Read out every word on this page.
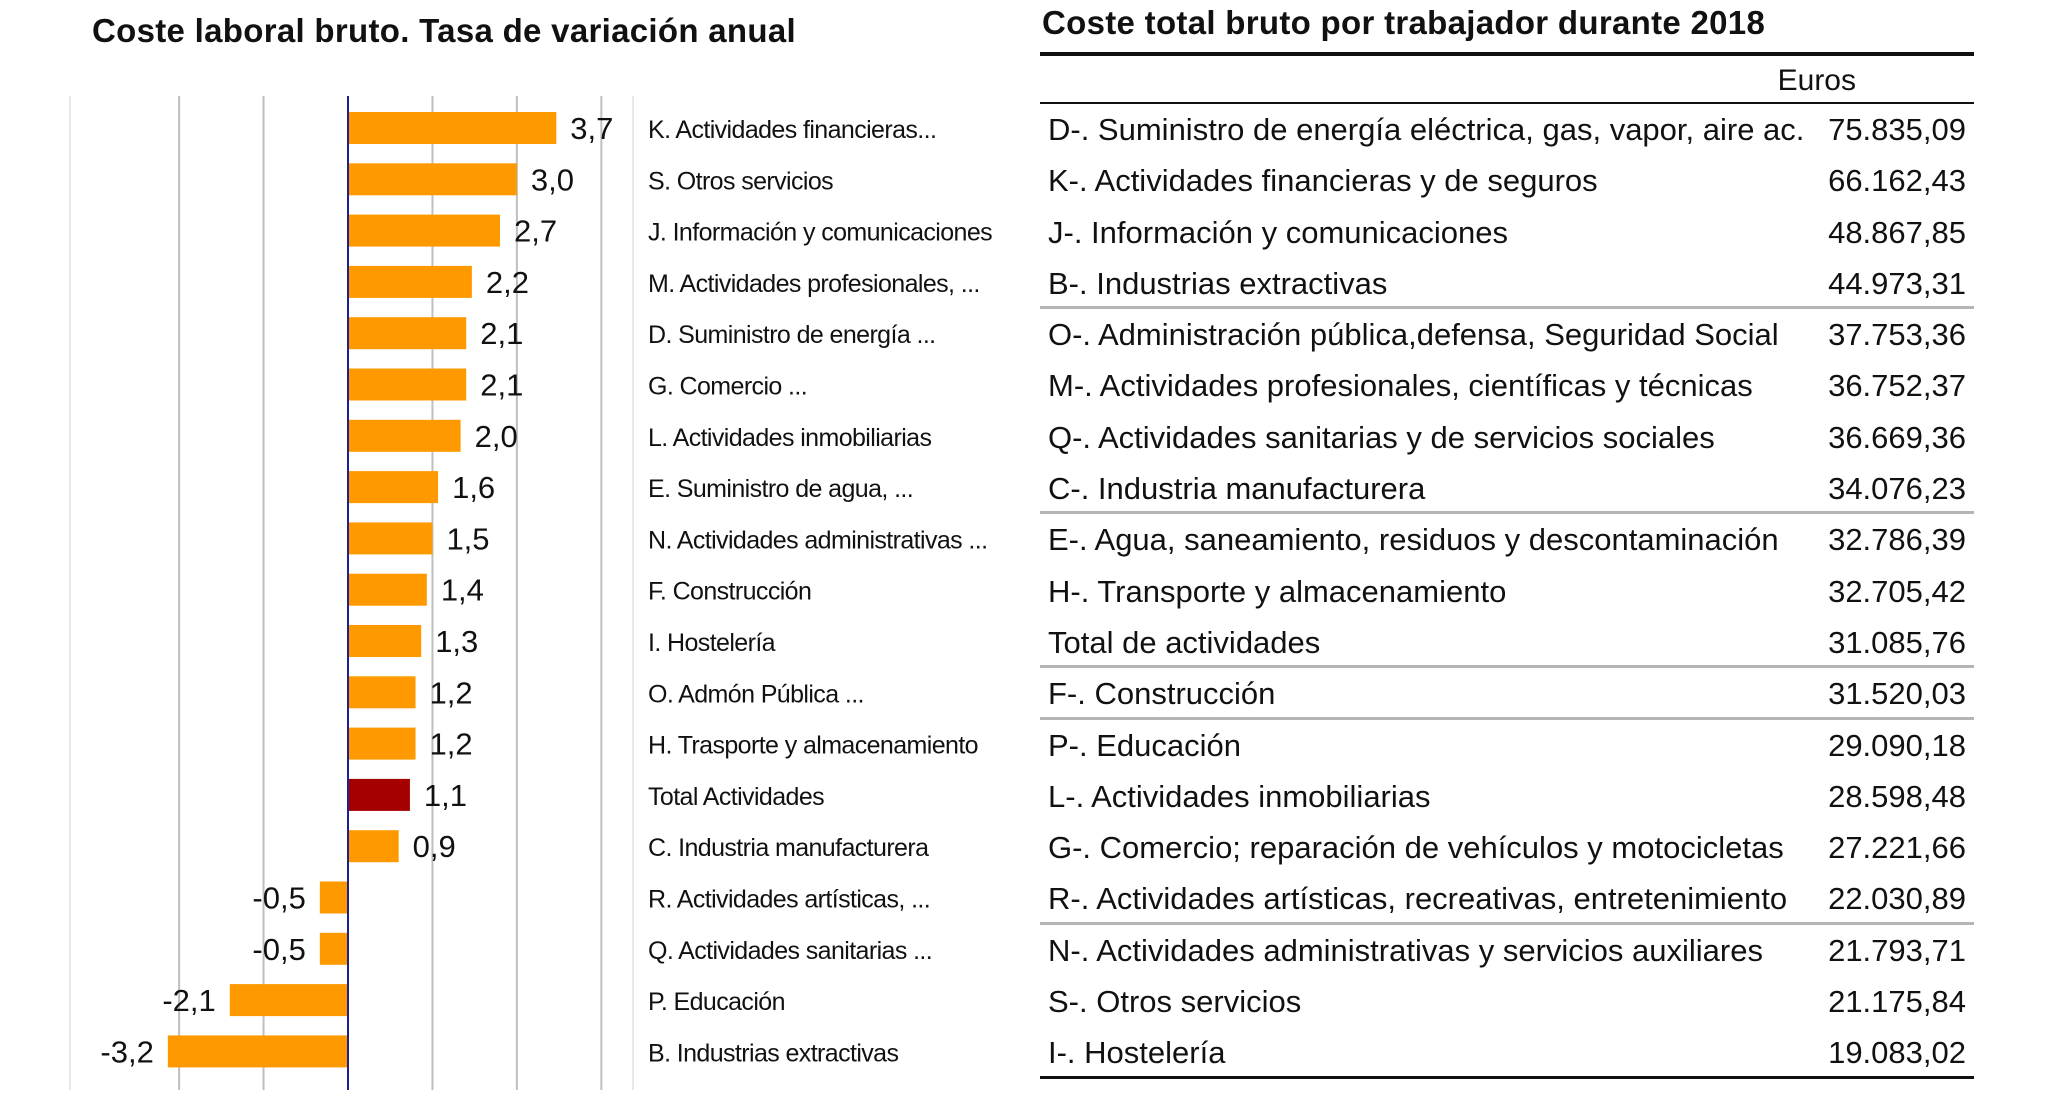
Coste laboral bruto. Tasa de variación anual
3,7
3,0
2,7
2,2
2,1
2,1
2,0
1,6
1,5
1,4
1,3
1,2
1,2
1,1
0,9
-0,5
-0,5
-2,1
-3,2
K. Actividades financieras...
S. Otros servicios
J. Información y comunicaciones
M. Actividades profesionales, ...
D. Suministro de energía ...
G. Comercio ...
L. Actividades inmobiliarias
E. Suministro de agua, ...
N. Actividades administrativas ...
F. Construcción
I. Hostelería
O. Admón Pública ...
H. Trasporte y almacenamiento
Total Actividades
C. Industria manufacturera
R. Actividades artísticas, ...
Q. Actividades sanitarias ...
P. Educación
B. Industrias extractivas
Coste total bruto por trabajador durante 2018
Euros
D-. Suministro de energía eléctrica, gas, vapor, aire ac. 75.835,09
K-. Actividades financieras y de seguros	66.162,43
J-. Información y comunicaciones	48.867,85
B-. Industrias extractivas	44.973,31
O-. Administración pública,defensa, Seguridad Social 37.753,36
M-. Actividades profesionales, científicas y técnicas 36.752,37
Q-. Actividades sanitarias y de servicios sociales	36.669,36
C-. Industria manufacturera	34.076,23
E-. Agua, saneamiento, residuos y descontaminación 32.786,39
H-. Transporte y almacenamiento	32.705,42
Total de actividades	31.085,76
F-. Construcción	31.520,03
P-. Educación	29.090,18
L-. Actividades inmobiliarias	28.598,48
G-. Comercio; reparación de vehículos y motocicletas 27.221,66
R-. Actividades artísticas, recreativas, entretenimiento 22.030,89
N-. Actividades administrativas y servicios auxiliares 21.793,71
S-. Otros servicios	21.175,84
I-. Hostelería	19.083,02
